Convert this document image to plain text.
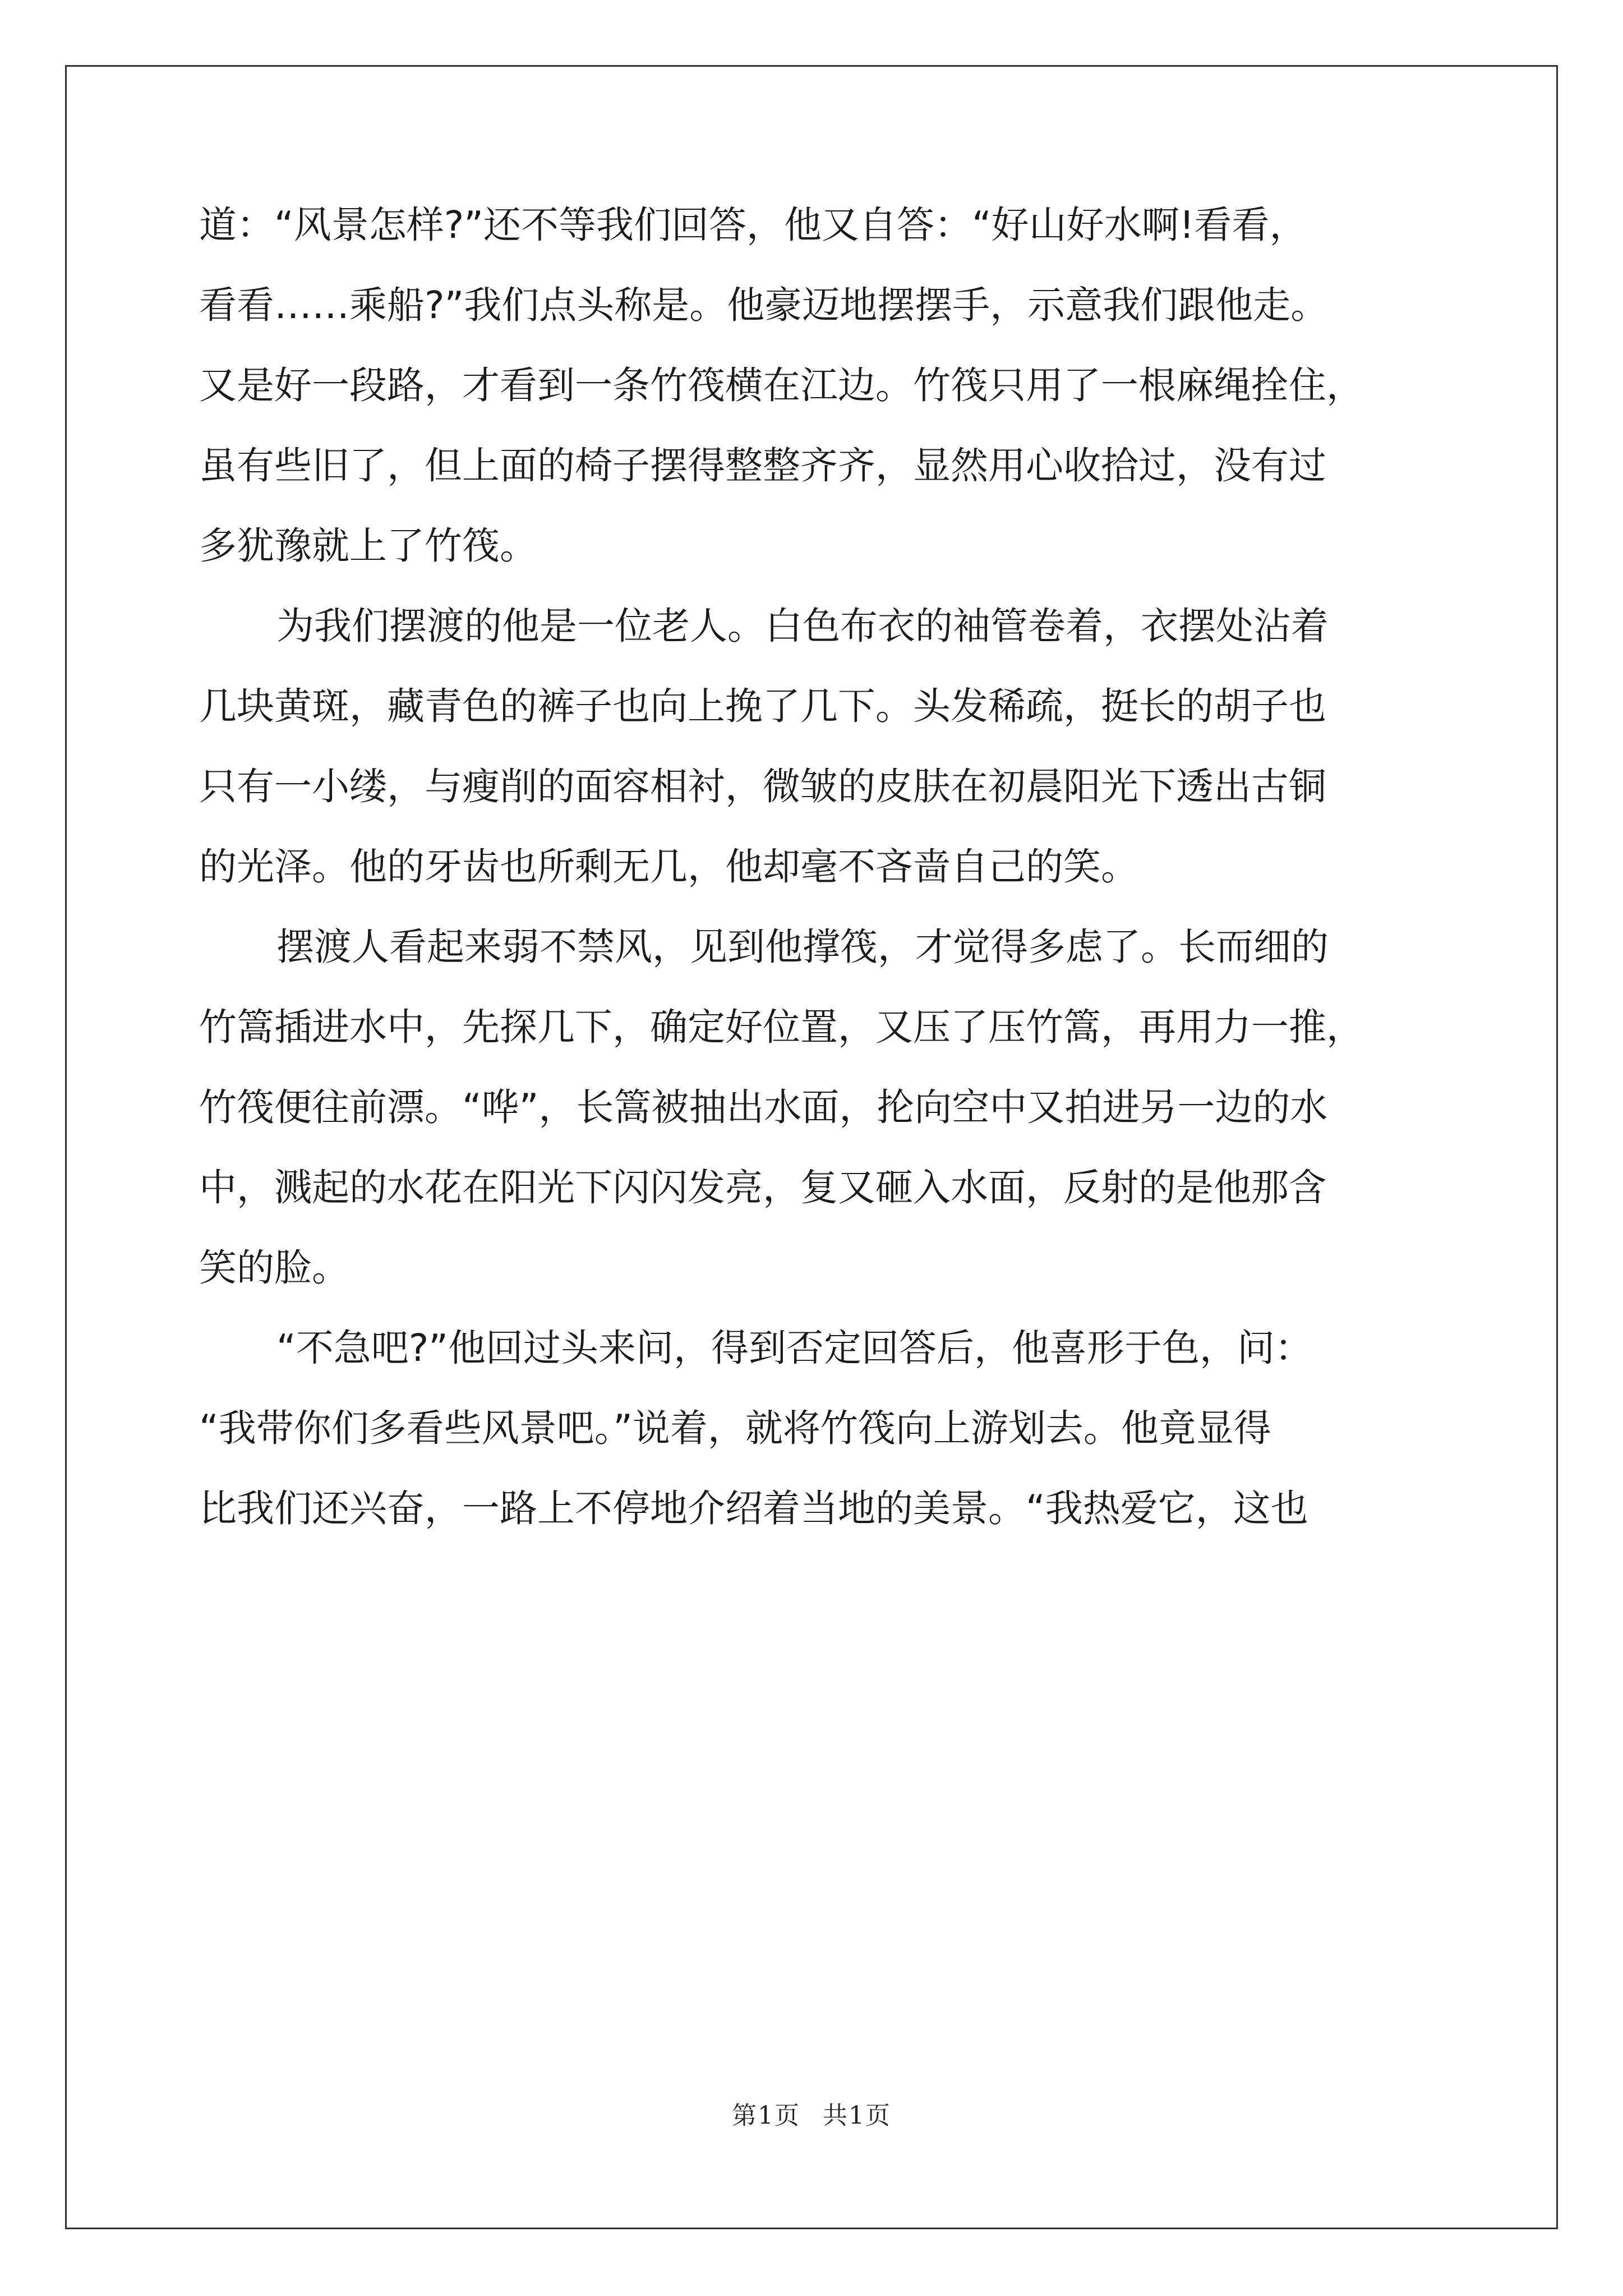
道：“风景怎样?”还不等我们回答，他又自答：“好山好水啊!看看，
看看……乘船?”我们点头称是。他豪迈地摆摆手，示意我们跟他走。
又是好一段路，才看到一条竹筏横在江边。竹筏只用了一根麻绳拴住，
虽有些旧了，但上面的椅子摆得整整齐齐，显然用心收拾过，没有过
多犹豫就上了竹筏。

为我们摆渡的他是一位老人。白色布衣的袖管卷着，衣摆处沾着
几块黄斑，藏青色的裤子也向上挽了几下。头发稀疏，挺长的胡子也
只有一小缕，与瘦削的面容相衬，微皱的皮肤在初晨阳光下透出古铜
的光泽。他的牙齿也所剩无几，他却毫不吝啬自己的笑。

摆渡人看起来弱不禁风，见到他撑筏，才觉得多虑了。长而细的
竹篙插进水中，先探几下，确定好位置，又压了压竹篙，再用力一推，
竹筏便往前漂。“哗”，长篙被抽出水面，抡向空中又拍进另一边的水
中，溅起的水花在阳光下闪闪发亮，复又砸入水面，反射的是他那含
笑的脸。

“不急吧?”他回过头来问，得到否定回答后，他喜形于色，问：
“我带你们多看些风景吧。”说着，就将竹筏向上游划去。他竟显得
比我们还兴奋，一路上不停地介绍着当地的美景。“我热爱它，这也

第1页 共1页
